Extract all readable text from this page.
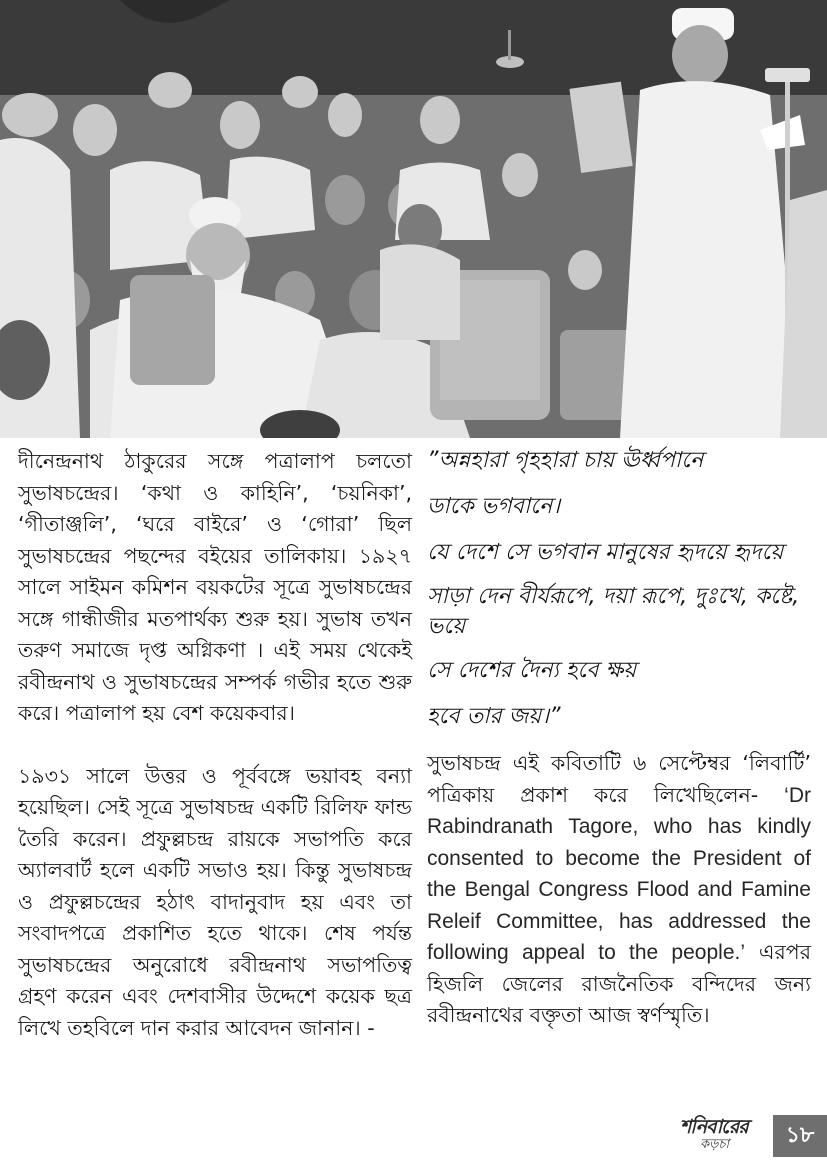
দীনেন্দ্রনাথ ঠাকুরের সঙ্গে পত্রালাপ চলতো সুভাষচন্দ্রের। ‘কথা ও কাহিনি’, ‘চয়নিকা’, ‘গীতাঞ্জলি’, ‘ঘরে বাইরে’ ও ‘গোরা’ ছিল সুভাষচন্দ্রের পছন্দের বইয়ের তালিকায়। ১৯২৭ সালে সাইমন কমিশন বয়কটের সূত্রে সুভাষচন্দ্রের সঙ্গে গান্ধীজীর মতপার্থক্য শুরু হয়। সুভাষ তখন তরুণ সমাজে দৃপ্ত অগ্নিকণা । এই সময় থেকেই রবীন্দ্রনাথ ও সুভাষচন্দ্রের সম্পর্ক গভীর হতে শুরু করে। পত্রালাপ হয় বেশ কয়েকবার।

১৯৩১ সালে উত্তর ও পূর্ববঙ্গে ভয়াবহ বন্যা হয়েছিল। সেই সূত্রে সুভাষচন্দ্র একটি রিলিফ ফান্ড তৈরি করেন। প্রফুল্লচন্দ্র রায়কে সভাপতি করে অ্যালবার্ট হলে একটি সভাও হয়। কিন্তু সুভাষচন্দ্র ও প্রফুল্লচন্দ্রের হঠাৎ বাদানুবাদ হয় এবং তা সংবাদপত্রে প্রকাশিত হতে থাকে। শেষ পর্যন্ত সুভাষচন্দ্রের অনুরোধে রবীন্দ্রনাথ সভাপতিত্ব গ্রহণ করেন এবং দেশবাসীর উদ্দেশে কয়েক ছত্র লিখে তহবিলে দান করার আবেদন জানান। -

”অন্নহারা গৃহহারা চায় ঊর্ধ্বপানে
ডাকে ভগবানে।
যে দেশে সে ভগবান মানুষের হৃদয়ে হৃদয়ে
সাড়া দেন বীর্যরূপে, দয়া রূপে, দুঃখে, কষ্টে, ভয়ে
সে দেশের দৈন্য হবে ক্ষয়
হবে তার জয়।”

সুভাষচন্দ্র এই কবিতাটি ৬ সেপ্টেম্বর ‘লিবার্টি’ পত্রিকায় প্রকাশ করে লিখেছিলেন- ‘Dr Rabindranath Tagore, who has kindly consented to become the President of the Bengal Congress Flood and Famine Releif Committee, has addressed the following appeal to the people.’ এরপর হিজলি জেলের রাজনৈতিক বন্দিদের জন্য রবীন্দ্রনাথের বক্তৃতা আজ স্বর্ণস্মৃতি।

শনিবারের
কড়চা	১৮
